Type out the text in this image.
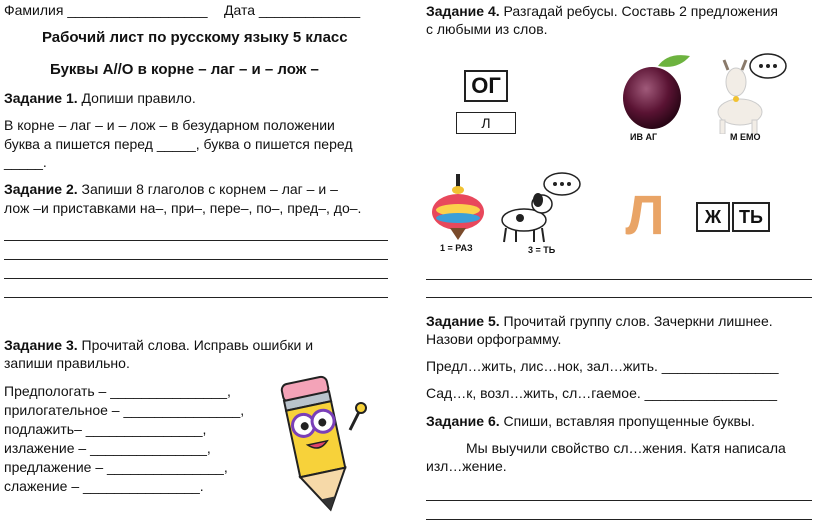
Фамилия __________________ Дата _____________
Рабочий лист по русскому языку 5 класс
Буквы А//О в корне – лаг – и – лож –
Задание 1. Допиши правило.
В корне – лаг – и – лож – в безударном положении
буква а пишется перед _____, буква о пишется перед
_____.
Задание 2. Запиши 8 глаголов с корнем – лаг – и –
лож –и приставками на–, при–, пере–, по–, пред–, до–.
Задание 3. Прочитай слова. Исправь ошибки и
запиши правильно.
Предпологать – _______________,
прилогательное – _______________,
подлажить– _______________,
излажение – _______________,
предлажение – _______________,
слажение – _______________.
Задание 4. Разгадай ребусы. Составь 2 предложения
с любыми из слов.
ОГ
Л
ИВ АГ	М ЕМО
1 = РАЗ	3 = ТЬ
Л	Ж ТЬ
Задание 5. Прочитай группу слов. Зачеркни лишнее.
Назови орфограмму.
Предл…жить, лис…нок, зал…жить. _______________
Сад…к, возл…жить, сл…гаемое. _________________
Задание 6. Спиши, вставляя пропущенные буквы.
Мы выучили свойство сл…жения. Катя написала
изл…жение.
